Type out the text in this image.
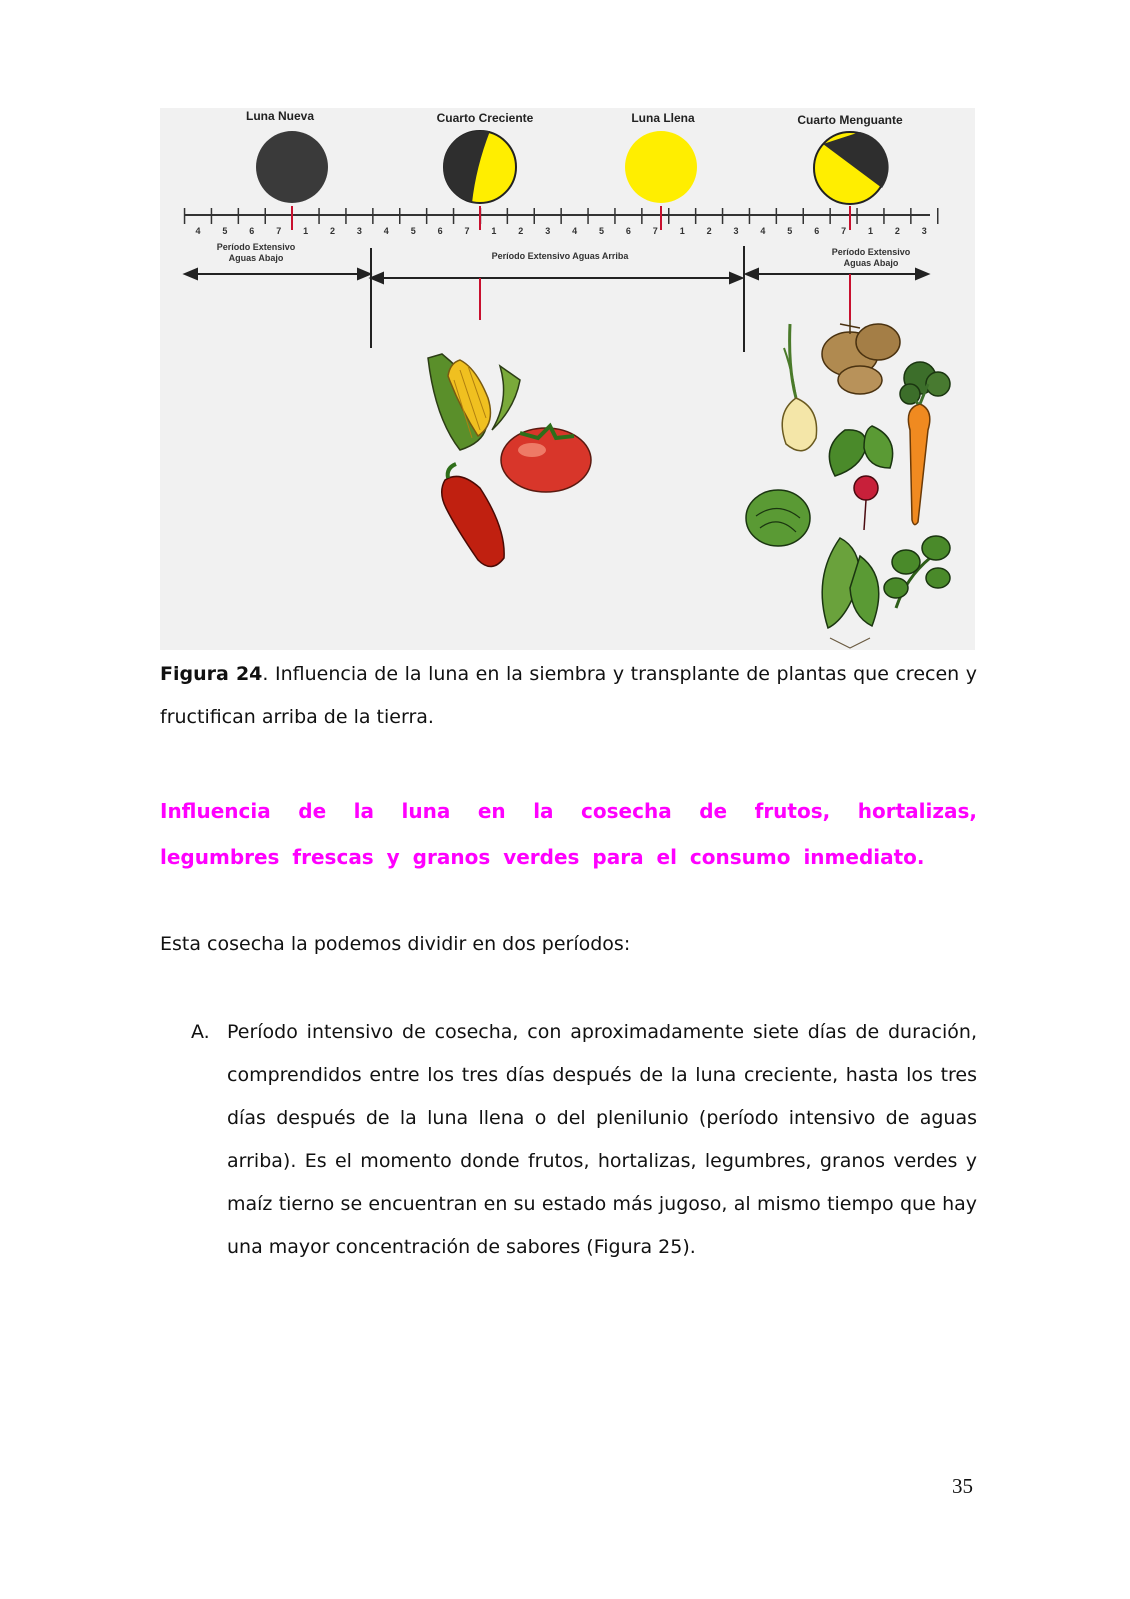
Luna Nueva	Cuarto Creciente	Luna Llena	Cuarto Menguante
4 5 6 7 1 2 3 4 5 6 7 1 2 3 4 5 6 7 1 2 3 4 5 6 7 1 2 3
Período Extensivo
Aguas Abajo	Período Extensivo Aguas Arriba	Período Extensivo
Aguas Abajo
Figura 24. Influencia de la luna en la siembra y transplante de plantas que crecen y fructifican arriba de la tierra.
Influencia de la luna en la cosecha de frutos, hortalizas, legumbres frescas y granos verdes para el consumo inmediato.
Esta cosecha la podemos dividir en dos períodos:
A. Período intensivo de cosecha, con aproximadamente siete días de duración, comprendidos entre los tres días después de la luna creciente, hasta los tres días después de la luna llena o del plenilunio (período intensivo de aguas arriba). Es el momento donde frutos, hortalizas, legumbres, granos verdes y maíz tierno se encuentran en su estado más jugoso, al mismo tiempo que hay una mayor concentración de sabores (Figura 25).
35
